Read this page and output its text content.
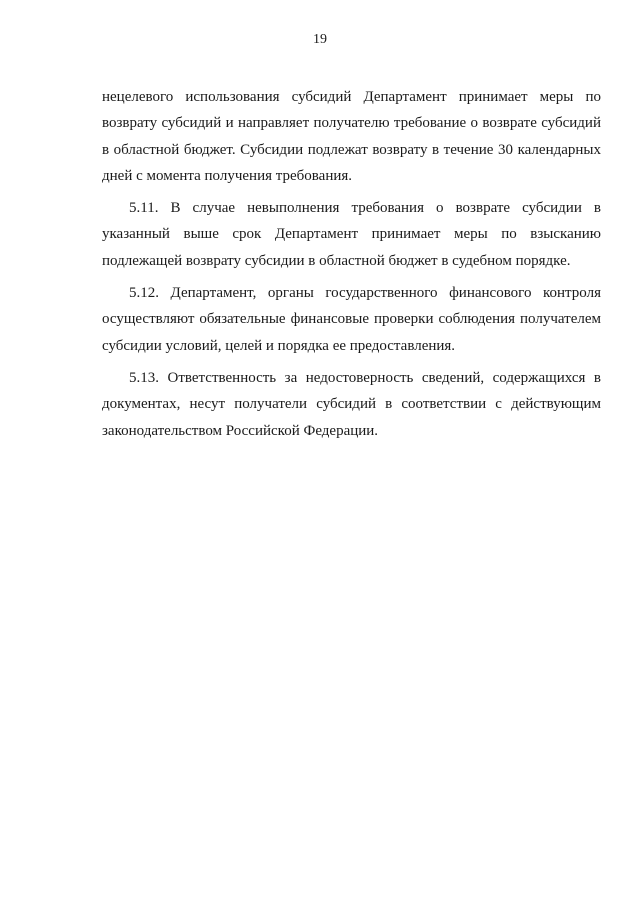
19

нецелевого использования субсидий Департамент принимает меры по возврату субсидий и направляет получателю требование о возврате субсидий в областной бюджет. Субсидии подлежат возврату в течение 30 календарных дней с момента получения требования.

5.11. В случае невыполнения требования о возврате субсидии в указанный выше срок Департамент принимает меры по взысканию подлежащей возврату субсидии в областной бюджет в судебном порядке.

5.12. Департамент, органы государственного финансового контроля осуществляют обязательные финансовые проверки соблюдения получателем субсидии условий, целей и порядка ее предоставления.

5.13. Ответственность за недостоверность сведений, содержащихся в документах, несут получатели субсидий в соответствии с действующим законодательством Российской Федерации.
